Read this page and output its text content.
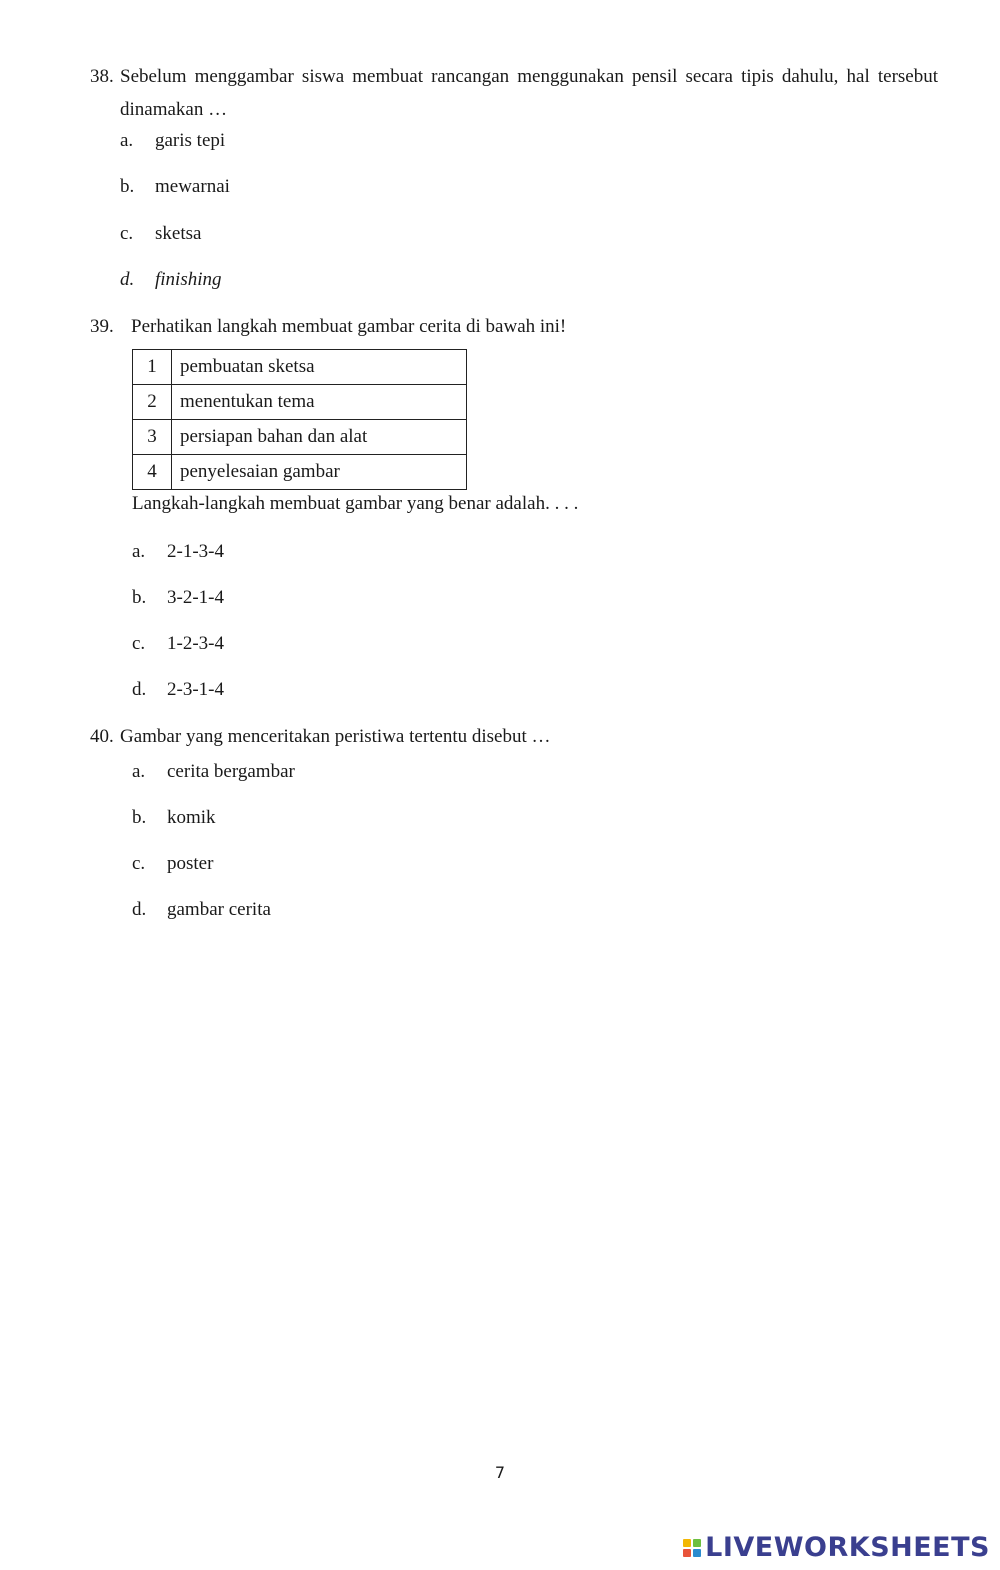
38. Sebelum menggambar siswa membuat rancangan menggunakan pensil secara tipis dahulu, hal tersebut dinamakan …
a. garis tepi
b. mewarnai
c. sketsa
d. finishing
39. Perhatikan langkah membuat gambar cerita di bawah ini!
1	pembuatan sketsa
2	menentukan tema
3	persiapan bahan dan alat
4	penyelesaian gambar
Langkah-langkah membuat gambar yang benar adalah. . . .
a. 2-1-3-4
b. 3-2-1-4
c. 1-2-3-4
d. 2-3-1-4
40. Gambar yang menceritakan peristiwa tertentu disebut …
a. cerita bergambar
b. komik
c. poster
d. gambar cerita
7
LIVEWORKSHEETS
